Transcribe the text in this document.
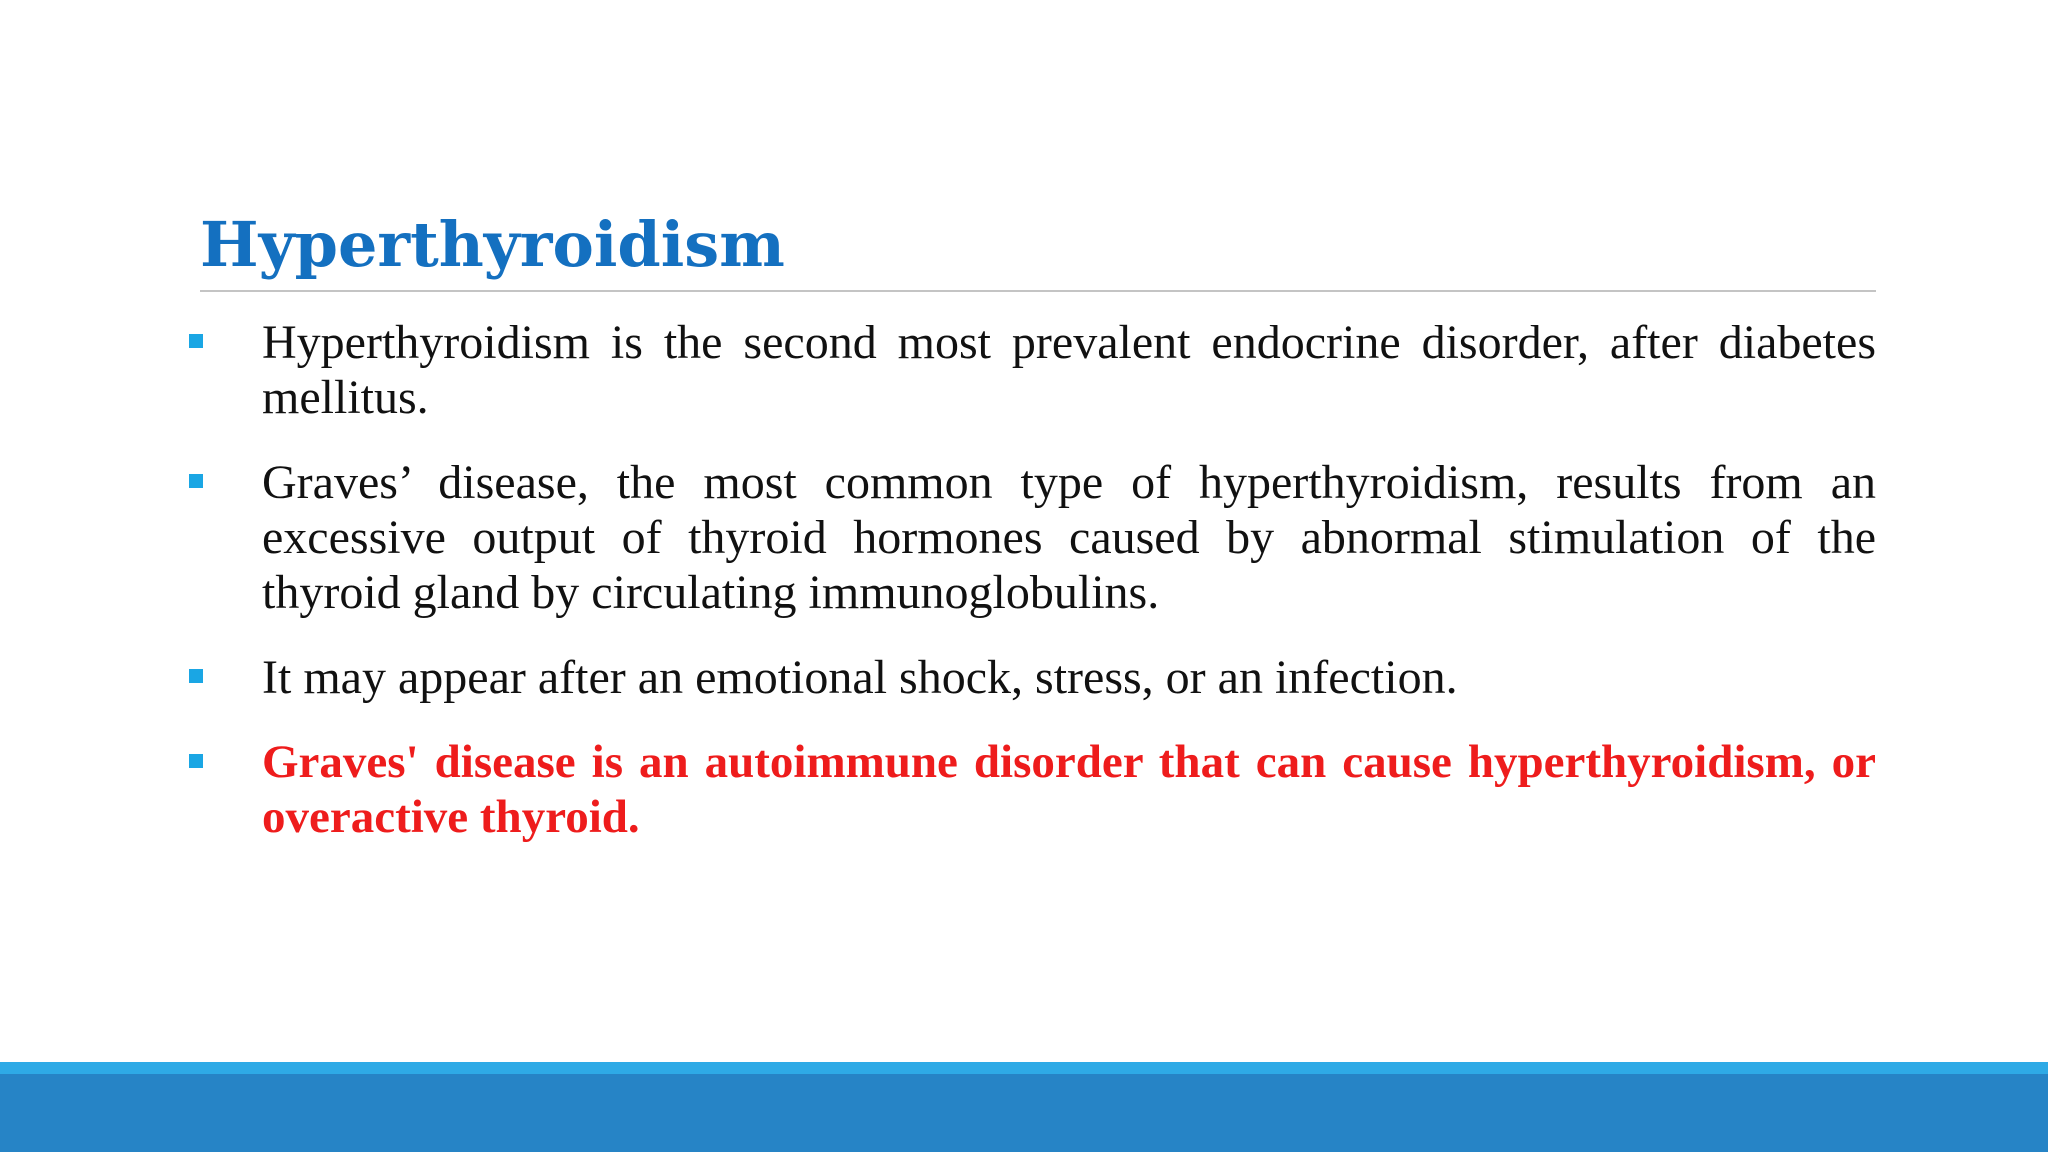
Hyperthyroidism
Hyperthyroidism is the second most prevalent endocrine disorder, after diabetes mellitus.
Graves’ disease, the most common type of hyperthyroidism, results from an excessive output of thyroid hormones caused by abnormal stimulation of the thyroid gland by circulating immunoglobulins.
It may appear after an emotional shock, stress, or an infection.
Graves' disease is an autoimmune disorder that can cause hyperthyroidism, or overactive thyroid.
